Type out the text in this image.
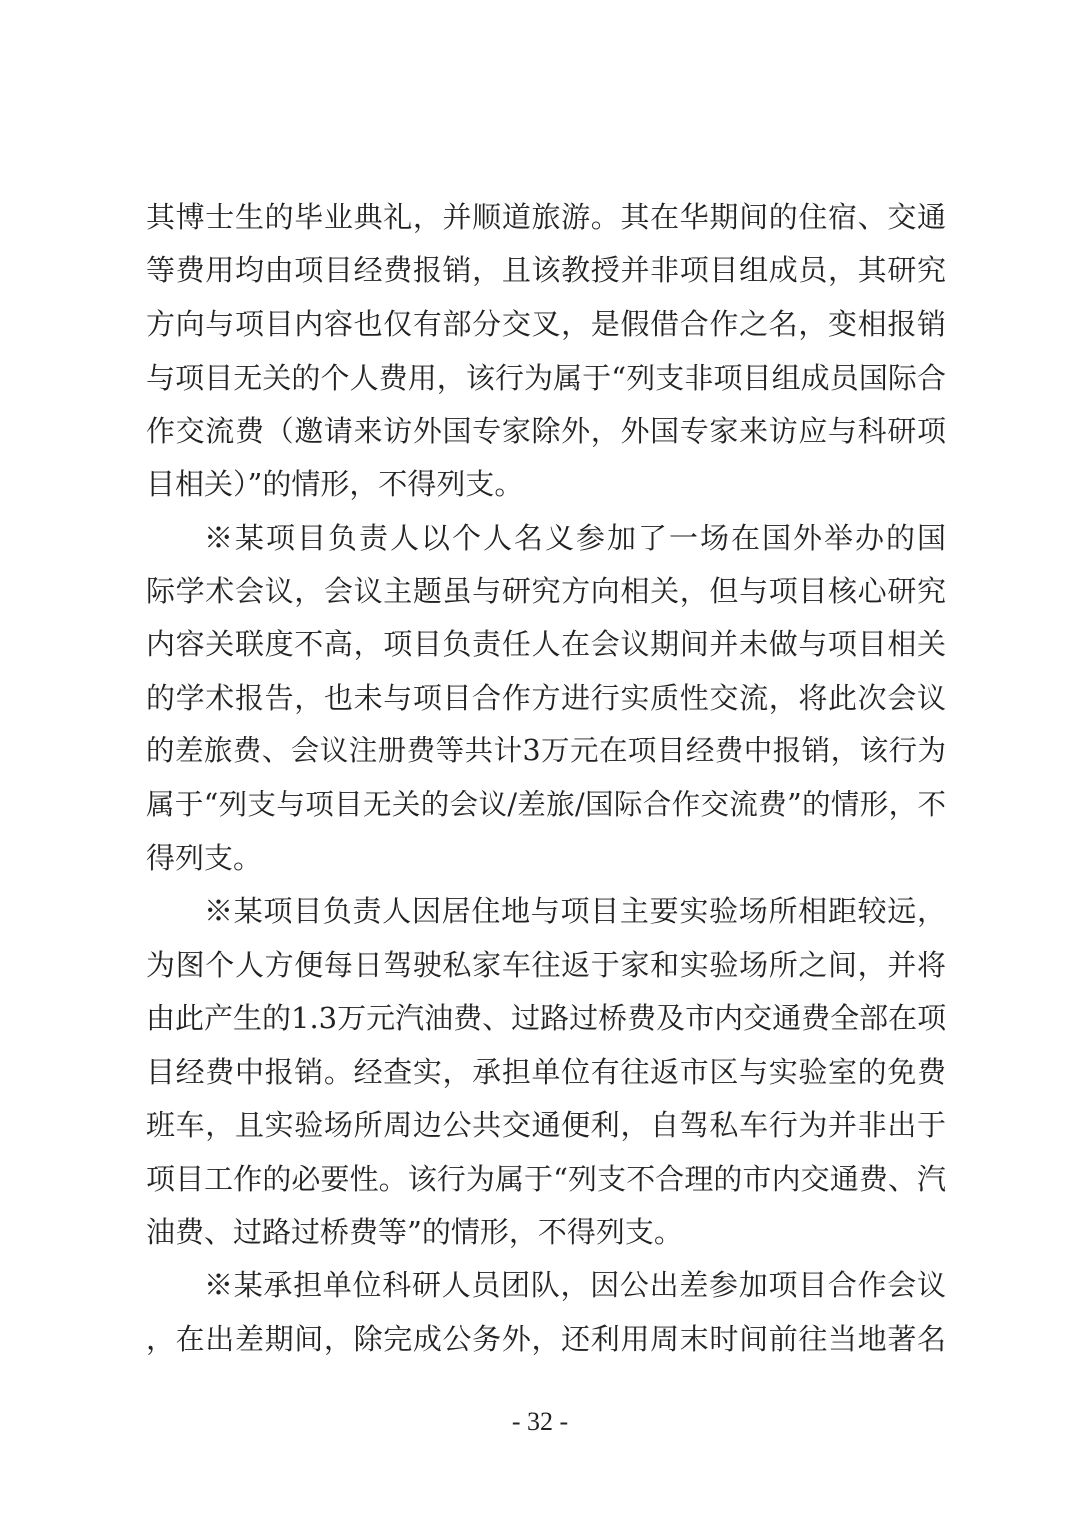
其博士生的毕业典礼，并顺道旅游。其在华期间的住宿、交通
等费用均由项目经费报销，且该教授并非项目组成员，其研究
方向与项目内容也仅有部分交叉，是假借合作之名，变相报销
与项目无关的个人费用，该行为属于“列支非项目组成员国际合
作交流费（邀请来访外国专家除外，外国专家来访应与科研项
目相关）”的情形，不得列支。
※某项目负责人以个人名义参加了一场在国外举办的国
际学术会议，会议主题虽与研究方向相关，但与项目核心研究
内容关联度不高，项目负责任人在会议期间并未做与项目相关
的学术报告，也未与项目合作方进行实质性交流，将此次会议
的差旅费、会议注册费等共计3万元在项目经费中报销，该行为
属于“列支与项目无关的会议/差旅/国际合作交流费”的情形，不
得列支。
※某项目负责人因居住地与项目主要实验场所相距较远，
为图个人方便每日驾驶私家车往返于家和实验场所之间，并将
由此产生的1.3万元汽油费、过路过桥费及市内交通费全部在项
目经费中报销。经查实，承担单位有往返市区与实验室的免费
班车，且实验场所周边公共交通便利，自驾私车行为并非出于
项目工作的必要性。该行为属于“列支不合理的市内交通费、汽
油费、过路过桥费等”的情形，不得列支。
※某承担单位科研人员团队，因公出差参加项目合作会议
，在出差期间，除完成公务外，还利用周末时间前往当地著名
- 32 -
